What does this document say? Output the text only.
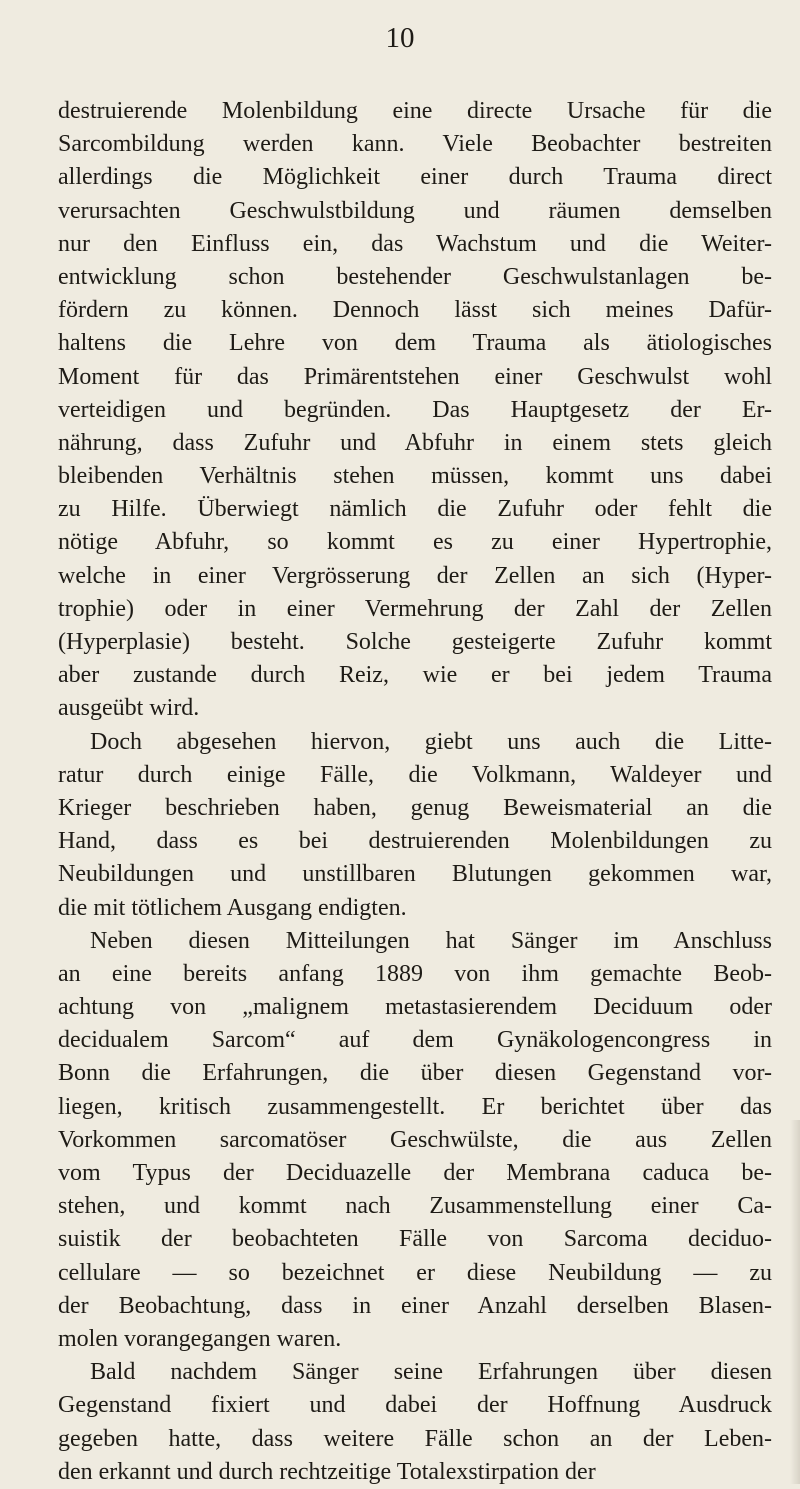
10
destruierende Molenbildung eine directe Ursache für die
Sarcombildung werden kann. Viele Beobachter bestreiten
allerdings die Möglichkeit einer durch Trauma direct
verursachten Geschwulstbildung und räumen demselben
nur den Einfluss ein, das Wachstum und die Weiter-
entwicklung schon bestehender Geschwulstanlagen be-
fördern zu können. Dennoch lässt sich meines Dafür-
haltens die Lehre von dem Trauma als ätiologisches
Moment für das Primärentstehen einer Geschwulst wohl
verteidigen und begründen. Das Hauptgesetz der Er-
nährung, dass Zufuhr und Abfuhr in einem stets gleich
bleibenden Verhältnis stehen müssen, kommt uns dabei
zu Hilfe. Überwiegt nämlich die Zufuhr oder fehlt die
nötige Abfuhr, so kommt es zu einer Hypertrophie,
welche in einer Vergrösserung der Zellen an sich (Hyper-
trophie) oder in einer Vermehrung der Zahl der Zellen
(Hyperplasie) besteht. Solche gesteigerte Zufuhr kommt
aber zustande durch Reiz, wie er bei jedem Trauma
ausgeübt wird.
Doch abgesehen hiervon, giebt uns auch die Litte-
ratur durch einige Fälle, die Volkmann, Waldeyer und
Krieger beschrieben haben, genug Beweismaterial an die
Hand, dass es bei destruierenden Molenbildungen zu
Neubildungen und unstillbaren Blutungen gekommen war,
die mit tötlichem Ausgang endigten.
Neben diesen Mitteilungen hat Sänger im Anschluss
an eine bereits anfang 1889 von ihm gemachte Beob-
achtung von „malignem metastasierendem Deciduum oder
decidualem Sarcom“ auf dem Gynäkologencongress in
Bonn die Erfahrungen, die über diesen Gegenstand vor-
liegen, kritisch zusammengestellt. Er berichtet über das
Vorkommen sarcomatöser Geschwülste, die aus Zellen
vom Typus der Deciduazelle der Membrana caduca be-
stehen, und kommt nach Zusammenstellung einer Ca-
suistik der beobachteten Fälle von Sarcoma deciduo-
cellulare — so bezeichnet er diese Neubildung — zu
der Beobachtung, dass in einer Anzahl derselben Blasen-
molen vorangegangen waren.
Bald nachdem Sänger seine Erfahrungen über diesen
Gegenstand fixiert und dabei der Hoffnung Ausdruck
gegeben hatte, dass weitere Fälle schon an der Leben-
den erkannt und durch rechtzeitige Totalexstirpation der
